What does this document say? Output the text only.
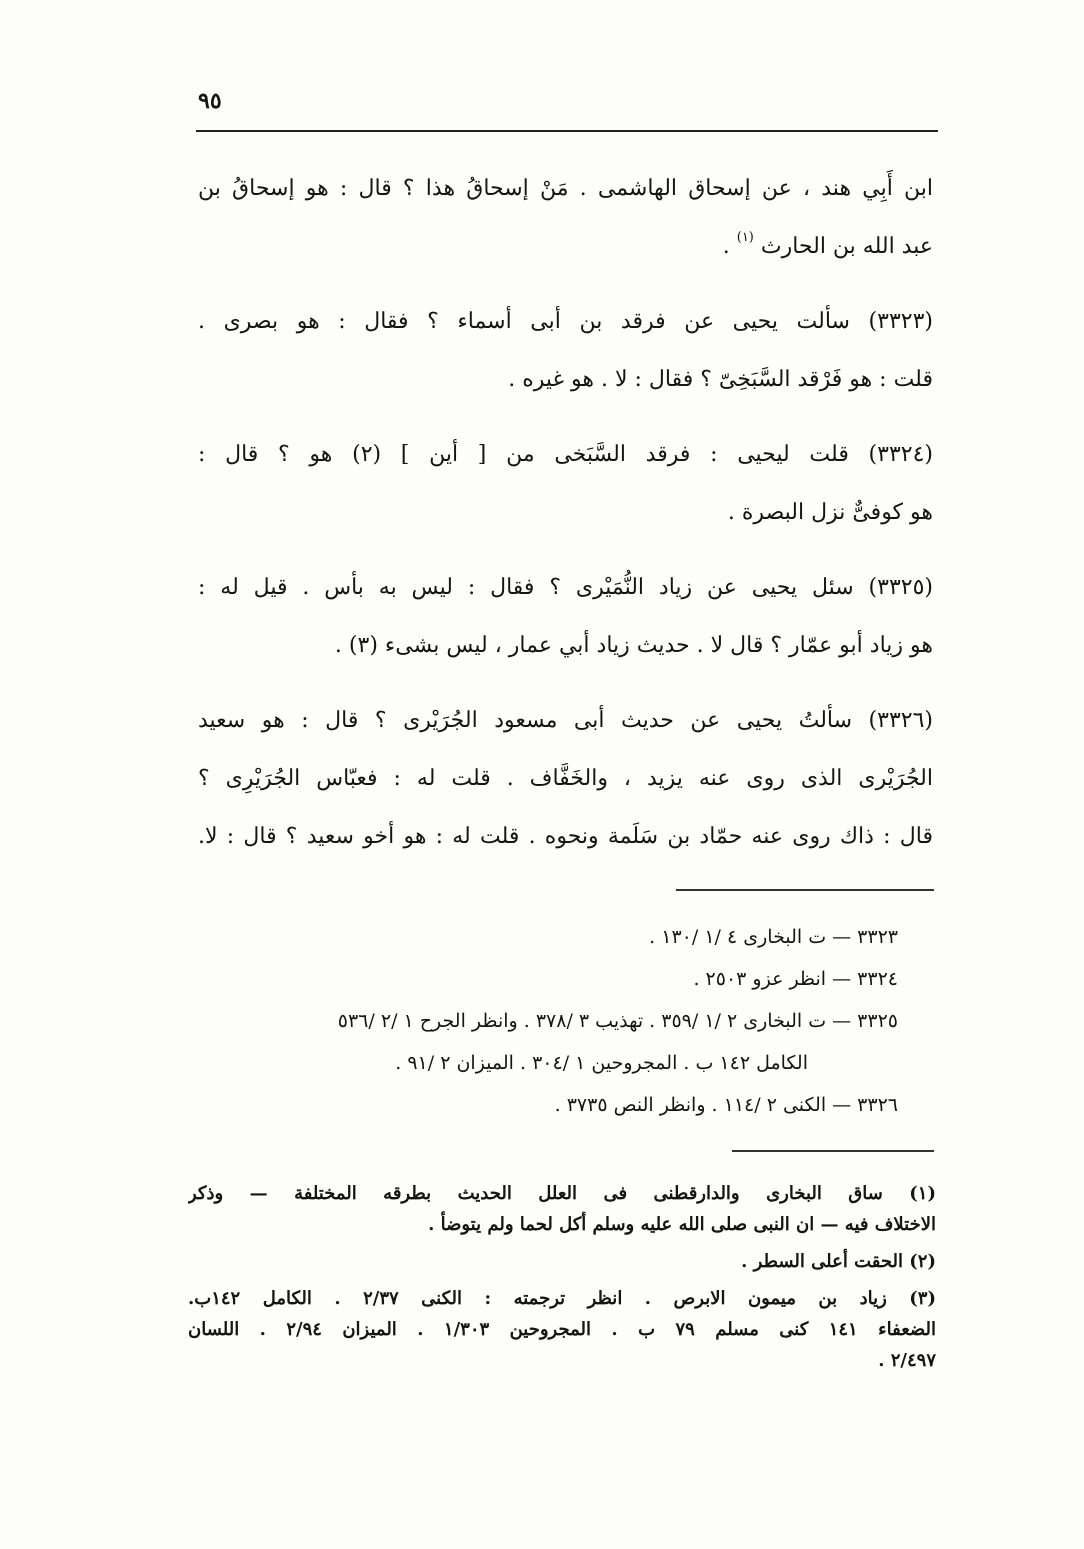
٩٥
ابن أَبِي هند ، عن إسحاق الهاشمى . مَنْ إسحاقُ هذا ؟ قال : هو إسحاقُ بن
عبد الله بن الحارث $^{(١)}$ .
(٣٣٢٣) سألت يحيى عن فرقد بن أبى أسماء ؟ فقال : هو بصرى .
قلت : هو فَرْقد السَّبَخِىّ ؟ فقال : لا . هو غيره .
(٣٣٢٤) قلت ليحيى : فرقد السَّبَخى من [ أين ] (٢) هو ؟ قال :
هو كوفىٌّ نزل البصرة .
(٣٣٢٥) سئل يحيى عن زياد النُّمَيْرى ؟ فقال : ليس به بأس . قيل له :
هو زياد أبو عمّار ؟ قال لا . حديث زياد أبي عمار ، ليس بشىء (٣) .
(٣٣٢٦) سألتُ يحيى عن حديث أبى مسعود الجُرَيْرى ؟ قال : هو سعيد
الجُرَيْرى الذى روى عنه يزيد ، والخَفَّاف . قلت له : فعبّاس الجُرَيْرِى ؟
قال : ذاك روى عنه حمّاد بن سَلَمة ونحوه . قلت له : هو أخو سعيد ؟ قال : لا.
٣٣٢٣ — ت البخارى ٤ /١ /١٣٠ .
٣٣٢٤ — انظر عزو ٢٥٠٣ .
٣٣٢٥ — ت البخارى ٢ /١ /٣٥٩ . تهذيب ٣ /٣٧٨ . وانظر الجرح ١ /٢ /٥٣٦
الكامل ١٤٢ ب . المجروحين ١ /٣٠٤ . الميزان ٢ /٩١ .
٣٣٢٦ — الكنى ٢ /١١٤ . وانظر النص ٣٧٣٥ .
(١) ساق البخارى والدارقطنى فى العلل الحديث بطرقه المختلفة — وذكر
الاختلاف فيه — ان النبى صلى الله عليه وسلم أكل لحما ولم يتوضأ .
(٢) الحقت أعلى السطر .
(٣) زياد بن ميمون الابرص . انظر ترجمته : الكنى ٢/٣٧ . الكامل ١٤٢ب.
الضعفاء ١٤١ كنى مسلم ٧٩ ب . المجروحين ١/٣٠٣ . الميزان ٢/٩٤ . اللسان
٢/٤٩٧ .
